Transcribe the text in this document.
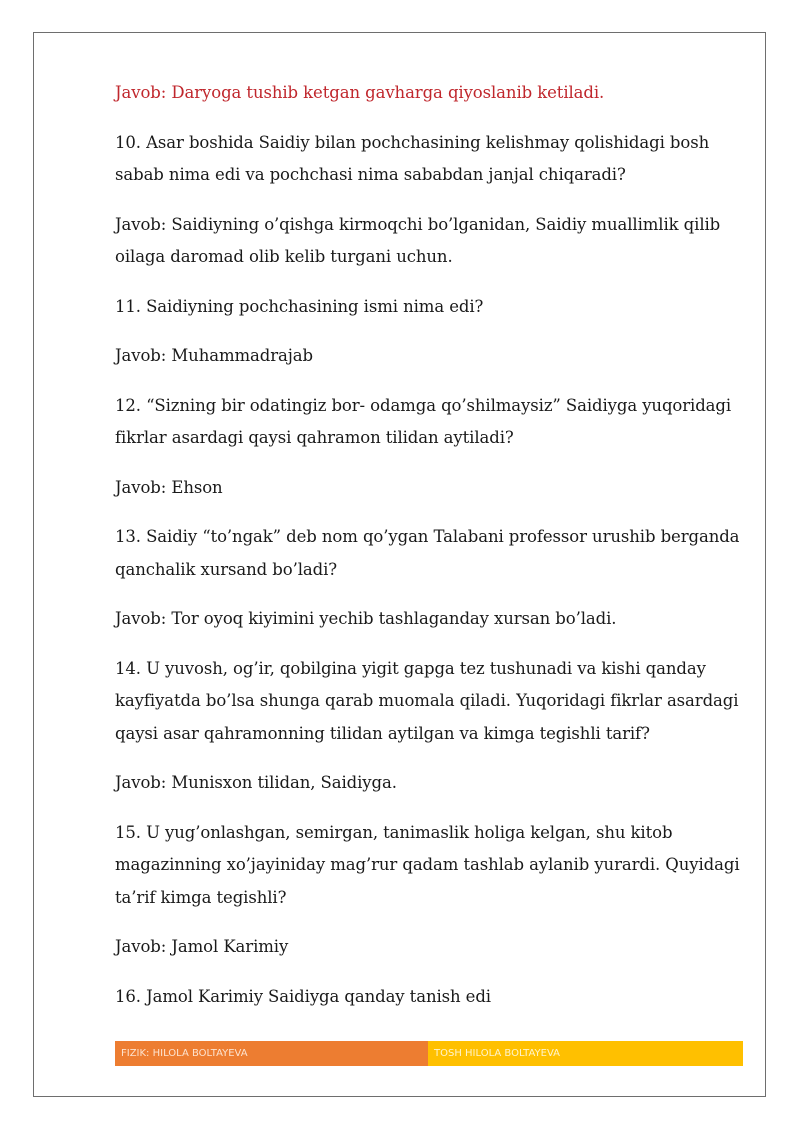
Javob: Daryoga tushib ketgan gavharga qiyoslanib ketiladi.

10. Asar boshida Saidiy bilan pochchasining kelishmay qolishidagi bosh sabab nima edi va pochchasi nima sababdan janjal chiqaradi?

Javob: Saidiyning o’qishga kirmoqchi bo’lganidan, Saidiy muallimlik qilib oilaga daromad olib kelib turgani uchun.

11. Saidiyning pochchasining ismi nima edi?

Javob: Muhammadrajab

12. “Sizning bir odatingiz bor- odamga qo’shilmaysiz” Saidiyga yuqoridagi fikrlar asardagi qaysi qahramon tilidan aytiladi?

Javob: Ehson

13. Saidiy “to’ngak” deb nom qo’ygan Talabani professor urushib berganda qanchalik xursand bo’ladi?

Javob: Tor oyoq kiyimini yechib tashlaganday xursan bo’ladi.

14. U yuvosh, og’ir, qobilgina yigit gapga tez tushunadi va kishi qanday kayfiyatda bo’lsa shunga qarab muomala qiladi. Yuqoridagi fikrlar asardagi qaysi asar qahramonning tilidan aytilgan va kimga tegishli tarif?

Javob: Munisxon tilidan, Saidiyga.

15. U yug’onlashgan, semirgan, tanimaslik holiga kelgan, shu kitob magazinning xo’jayiniday mag’rur qadam tashlab aylanib yurardi. Quyidagi ta’rif kimga tegishli?

Javob: Jamol Karimiy

16. Jamol Karimiy Saidiyga qanday tanish edi

FIZIK: HILOLA BOLTAYEVA	TOSH HILOLA BOLTAYEVA
